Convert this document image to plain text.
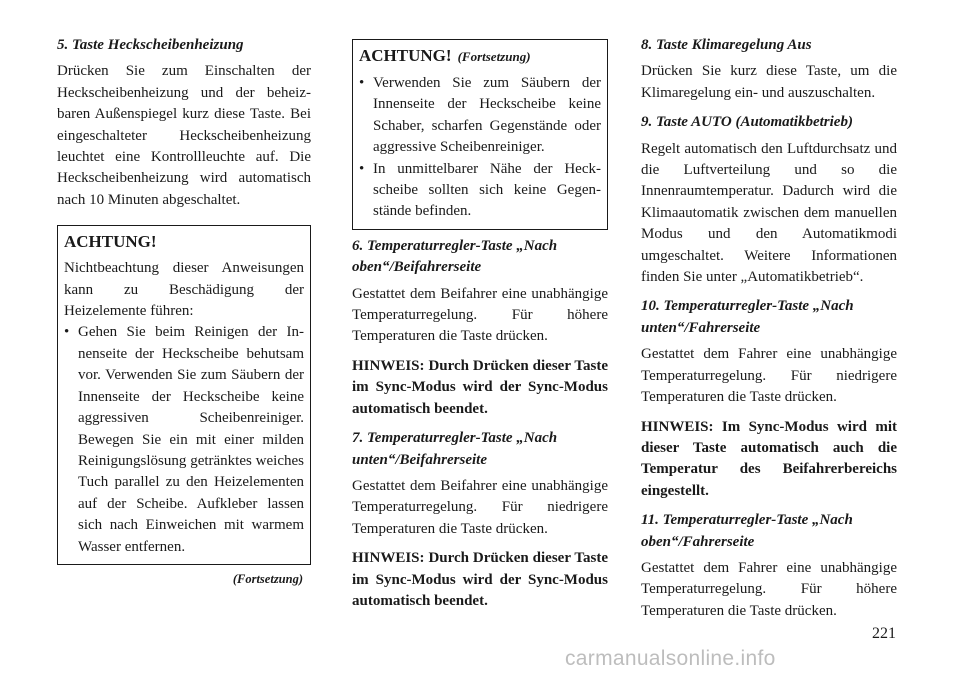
5. Taste Heckscheibenheizung
Drücken Sie zum Einschalten der Heckscheibenheizung und der beheizbaren Außenspiegel kurz diese Taste. Bei eingeschalteter Heckscheibenheizung leuchtet eine Kontrollleuchte auf. Die Heckscheibenheizung wird automatisch nach 10 Minuten abgeschaltet.
ACHTUNG!
Nichtbeachtung dieser Anweisungen kann zu Beschädigung der Heizelemente führen:
• Gehen Sie beim Reinigen der Innenseite der Heckscheibe behutsam vor. Verwenden Sie zum Säubern der Innenseite der Heckscheibe keine aggressiven Scheibenreiniger. Bewegen Sie ein mit einer milden Reinigungslösung getränktes weiches Tuch parallel zu den Heizelementen auf der Scheibe. Aufkleber lassen sich nach Einweichen mit warmem Wasser entfernen.
(Fortsetzung)
ACHTUNG! (Fortsetzung)
• Verwenden Sie zum Säubern der Innenseite der Heckscheibe keine Schaber, scharfen Gegenstände oder aggressive Scheibenreiniger.
• In unmittelbarer Nähe der Heckscheibe sollten sich keine Gegenstände befinden.
6. Temperaturregler-Taste „Nach oben“/Beifahrerseite
Gestattet dem Beifahrer eine unabhängige Temperaturregelung. Für höhere Temperaturen die Taste drücken.
HINWEIS: Durch Drücken dieser Taste im Sync-Modus wird der Sync-Modus automatisch beendet.
7. Temperaturregler-Taste „Nach unten“/Beifahrerseite
Gestattet dem Beifahrer eine unabhängige Temperaturregelung. Für niedrigere Temperaturen die Taste drücken.
HINWEIS: Durch Drücken dieser Taste im Sync-Modus wird der Sync-Modus automatisch beendet.
8. Taste Klimaregelung Aus
Drücken Sie kurz diese Taste, um die Klimaregelung ein- und auszuschalten.
9. Taste AUTO (Automatikbetrieb)
Regelt automatisch den Luftdurchsatz und die Luftverteilung und so die Innenraumtemperatur. Dadurch wird die Klimaautomatik zwischen dem manuellen Modus und den Automatikmodi umgeschaltet. Weitere Informationen finden Sie unter „Automatikbetrieb“.
10. Temperaturregler-Taste „Nach unten“/Fahrerseite
Gestattet dem Fahrer eine unabhängige Temperaturregelung. Für niedrigere Temperaturen die Taste drücken.
HINWEIS: Im Sync-Modus wird mit dieser Taste automatisch auch die Temperatur des Beifahrerbereichs eingestellt.
11. Temperaturregler-Taste „Nach oben“/Fahrerseite
Gestattet dem Fahrer eine unabhängige Temperaturregelung. Für höhere Temperaturen die Taste drücken.
221
carmanualsonline.info
